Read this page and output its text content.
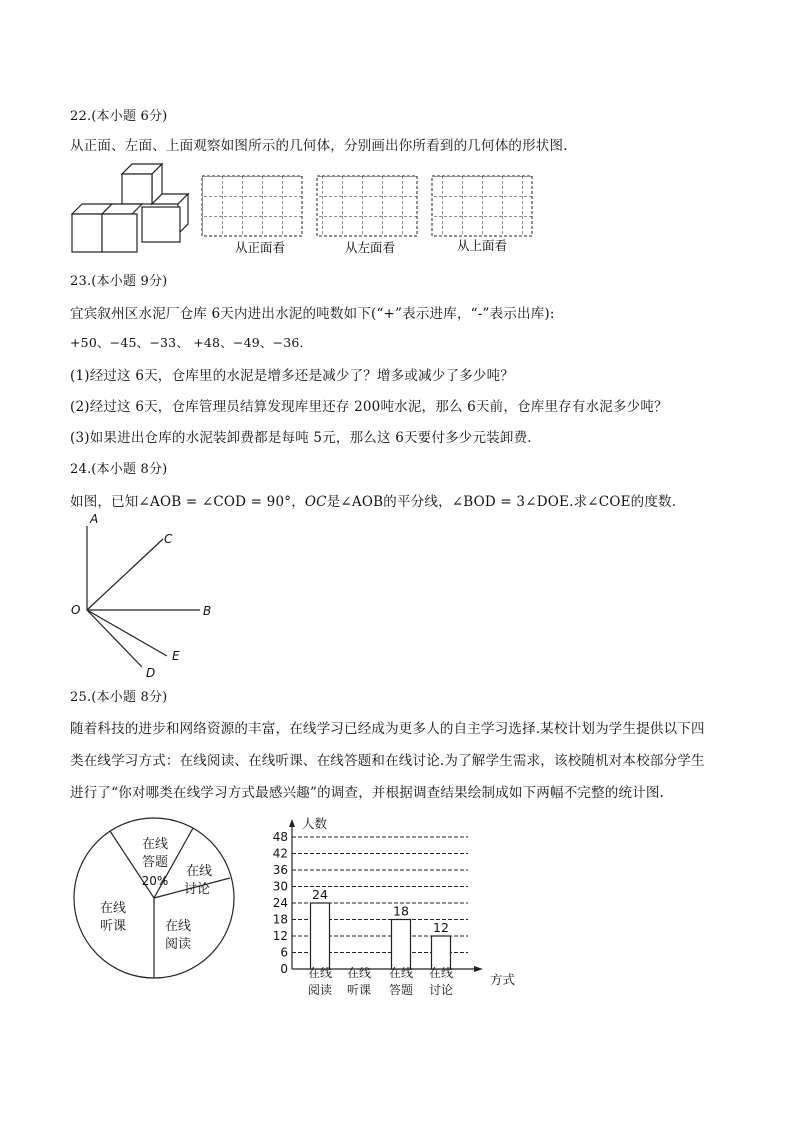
22.(本小题 6分)
从正面、左面、上面观察如图所示的几何体，分别画出你所看到的几何体的形状图.
从正面看	从左面看	从上面看
23.(本小题 9分)
宜宾叙州区水泥厂仓库 6天内进出水泥的吨数如下(“+”表示进库，“-”表示出库):
+50、−45、−33、 +48、−49、−36.
(1)经过这 6天，仓库里的水泥是增多还是减少了？增多或减少了多少吨？
(2)经过这 6天，仓库管理员结算发现库里还存 200吨水泥，那么 6天前，仓库里存有水泥多少吨？
(3)如果进出仓库的水泥装卸费都是每吨 5元，那么这 6天要付多少元装卸费.
24.(本小题 8分)
如图，已知∠AOB = ∠COD = 90°，OC是∠AOB的平分线，∠BOD = 3∠DOE.求∠COE的度数.
A
C
O	B
E
D
25.(本小题 8分)
随着科技的进步和网络资源的丰富，在线学习已经成为更多人的自主学习选择.某校计划为学生提供以下四
类在线学习方式：在线阅读、在线听课、在线答题和在线讨论.为了解学生需求，该校随机对本校部分学生
进行了“你对哪类在线学习方式最感兴趣”的调查，并根据调查结果绘制成如下两幅不完整的统计图.
在线
答题
20%
在线
讨论
在线
听课	在线
阅读
0
6
12
18
24
30
36
42
48
人数
方式
24
在线
阅读
在线
听课
18
在线
答题
12
在线
讨论
